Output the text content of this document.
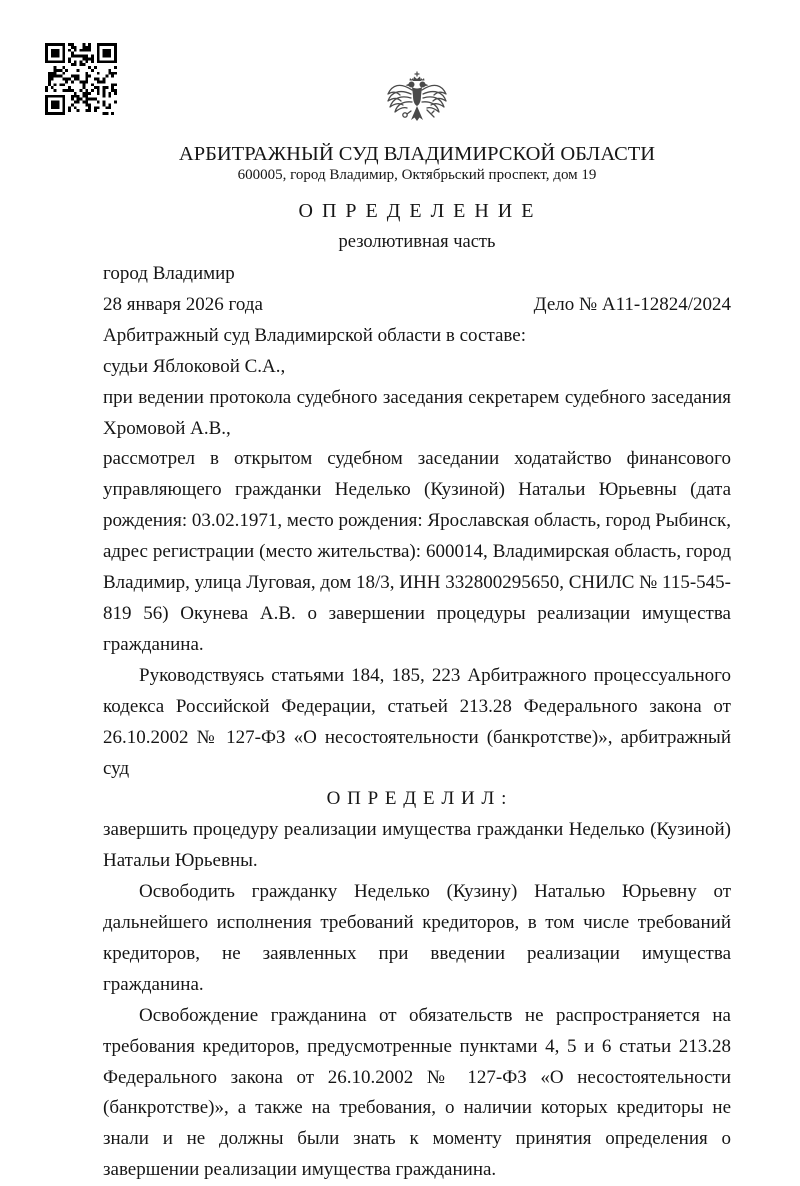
АРБИТРАЖНЫЙ СУД ВЛАДИМИРСКОЙ ОБЛАСТИ
600005, город Владимир, Октябрьский проспект, дом 19
О П Р Е Д Е Л Е Н И Е
резолютивная часть
город Владимир
28 января 2026 года	Дело № А11-12824/2024

Арбитражный суд Владимирской области в составе:

судьи Яблоковой С.А.,

при ведении протокола судебного заседания секретарем судебного заседания Хромовой А.В.,

рассмотрел в открытом судебном заседании ходатайство финансового управляющего гражданки Неделько (Кузиной) Натальи Юрьевны (дата рождения: 03.02.1971, место рождения: Ярославская область, город Рыбинск, адрес регистрации (место жительства): 600014, Владимирская область, город Владимир, улица Луговая, дом 18/3, ИНН 332800295650, СНИЛС № 115-545-819 56) Окунева А.В. о завершении процедуры реализации имущества гражданина.

Руководствуясь статьями 184, 185, 223 Арбитражного процессуального кодекса Российской Федерации, статьей 213.28 Федерального закона от 26.10.2002 № 127-ФЗ «О несостоятельности (банкротстве)», арбитражный суд

О П Р Е Д Е Л И Л :

завершить процедуру реализации имущества гражданки Неделько (Кузиной) Натальи Юрьевны.

Освободить гражданку Неделько (Кузину) Наталью Юрьевну от дальнейшего исполнения требований кредиторов, в том числе требований кредиторов, не заявленных при введении реализации имущества гражданина.

Освобождение гражданина от обязательств не распространяется на требования кредиторов, предусмотренные пунктами 4, 5 и 6 статьи 213.28 Федерального закона от 26.10.2002 № 127-ФЗ «О несостоятельности (банкротстве)», а также на требования, о наличии которых кредиторы не знали и не должны были знать к моменту принятия определения о завершении реализации имущества гражданина.
